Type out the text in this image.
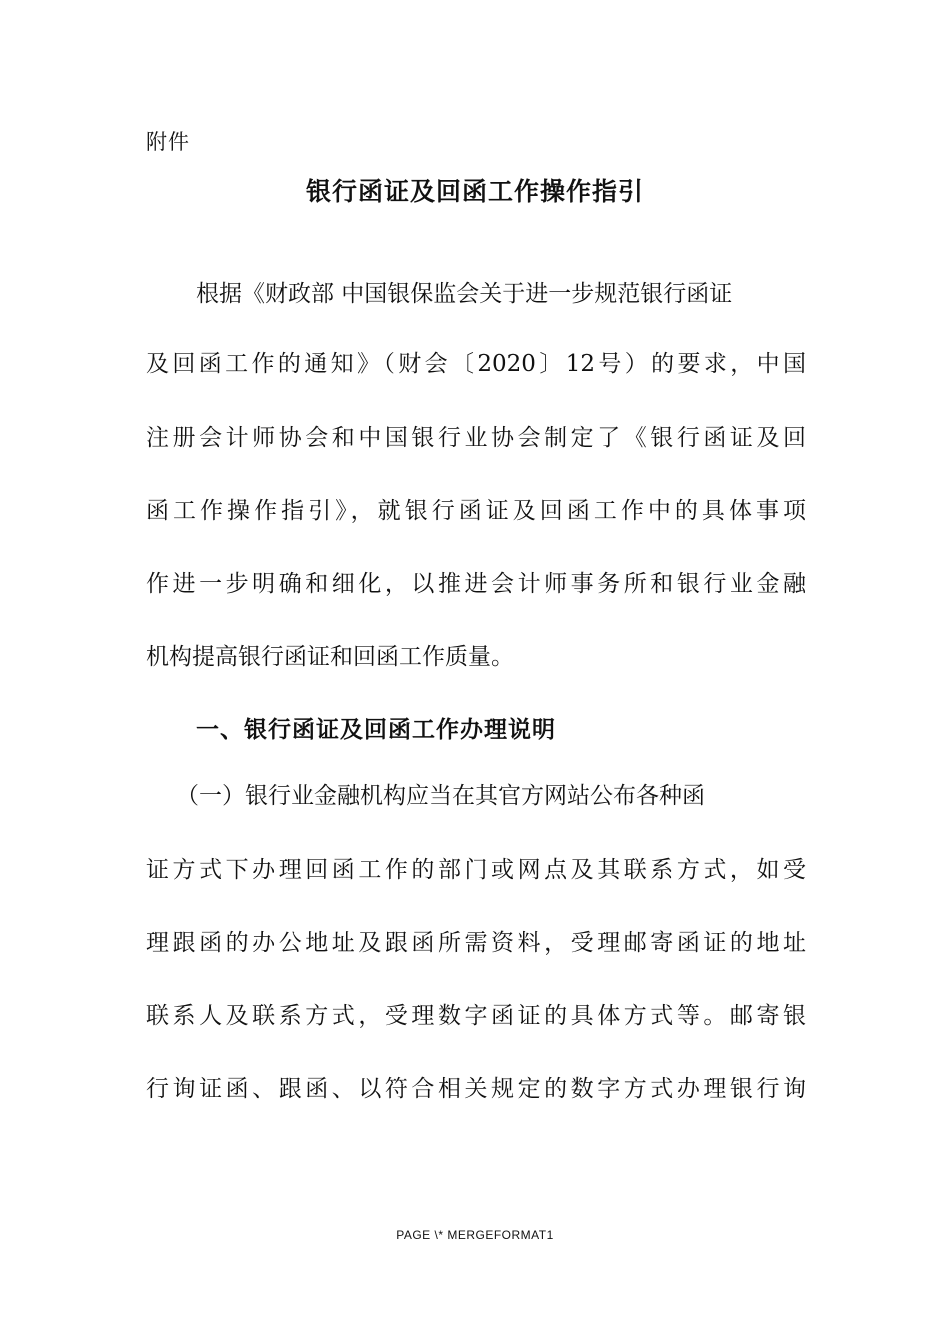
附件
银行函证及回函工作操作指引
根据《财政部 中国银保监会关于进一步规范银行函证
及回函工作的通知》（财会〔2020〕12号）的要求，中国
注册会计师协会和中国银行业协会制定了《银行函证及回
函工作操作指引》，就银行函证及回函工作中的具体事项
作进一步明确和细化，以推进会计师事务所和银行业金融
机构提高银行函证和回函工作质量。
一、银行函证及回函工作办理说明
（一）银行业金融机构应当在其官方网站公布各种函
证方式下办理回函工作的部门或网点及其联系方式，如受
理跟函的办公地址及跟函所需资料，受理邮寄函证的地址
联系人及联系方式，受理数字函证的具体方式等。邮寄银
行询证函、跟函、以符合相关规定的数字方式办理银行询
PAGE \* MERGEFORMAT1
